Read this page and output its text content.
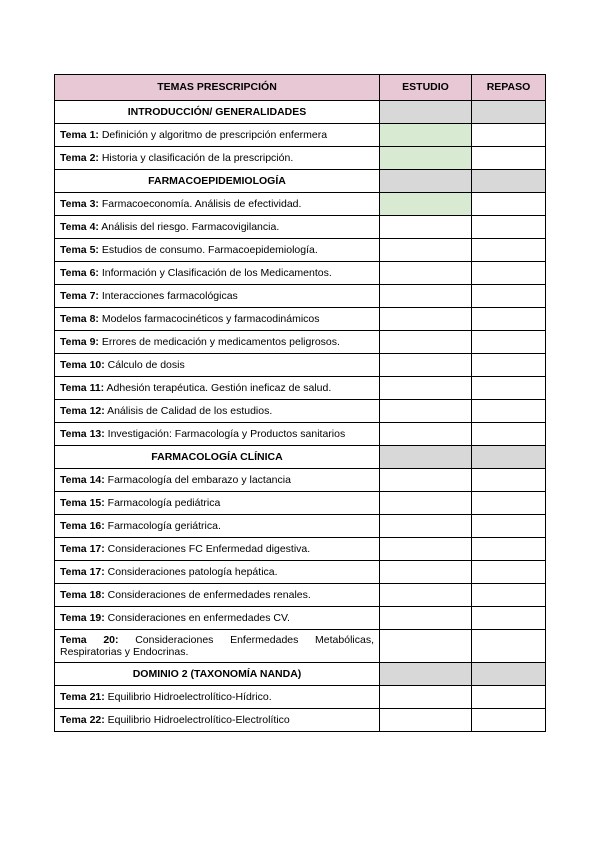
TEMAS PRESCRIPCIÓN	ESTUDIO	REPASO
INTRODUCCIÓN/ GENERALIDADES		
Tema 1: Definición y algoritmo de prescripción enfermera		
Tema 2: Historia y clasificación de la prescripción.		
FARMACOEPIDEMIOLOGÍA		
Tema 3: Farmacoeconomía. Análisis de efectividad.		
Tema 4: Análisis del riesgo. Farmacovigilancia.		
Tema 5: Estudios de consumo. Farmacoepidemiología.		
Tema 6: Información y Clasificación de los Medicamentos.		
Tema 7: Interacciones farmacológicas		
Tema 8: Modelos farmacocinéticos y farmacodinámicos		
Tema 9: Errores de medicación y medicamentos peligrosos.		
Tema 10: Cálculo de dosis		
Tema 11: Adhesión terapéutica. Gestión ineficaz de salud.		
Tema 12: Análisis de Calidad de los estudios.		
Tema 13: Investigación: Farmacología y Productos sanitarios		
FARMACOLOGÍA CLÍNICA		
Tema 14: Farmacología del embarazo y lactancia		
Tema 15: Farmacología pediátrica		
Tema 16: Farmacología geriátrica.		
Tema 17: Consideraciones FC Enfermedad digestiva.		
Tema 17: Consideraciones patología hepática.		
Tema 18: Consideraciones de enfermedades renales.		
Tema 19: Consideraciones en enfermedades CV.		
Tema 20: Consideraciones Enfermedades Metabólicas, Respiratorias y Endocrinas.		
DOMINIO 2 (TAXONOMÍA NANDA)		
Tema 21: Equilibrio Hidroelectrolítico-Hídrico.		
Tema 22: Equilibrio Hidroelectrolítico-Electrolítico		
